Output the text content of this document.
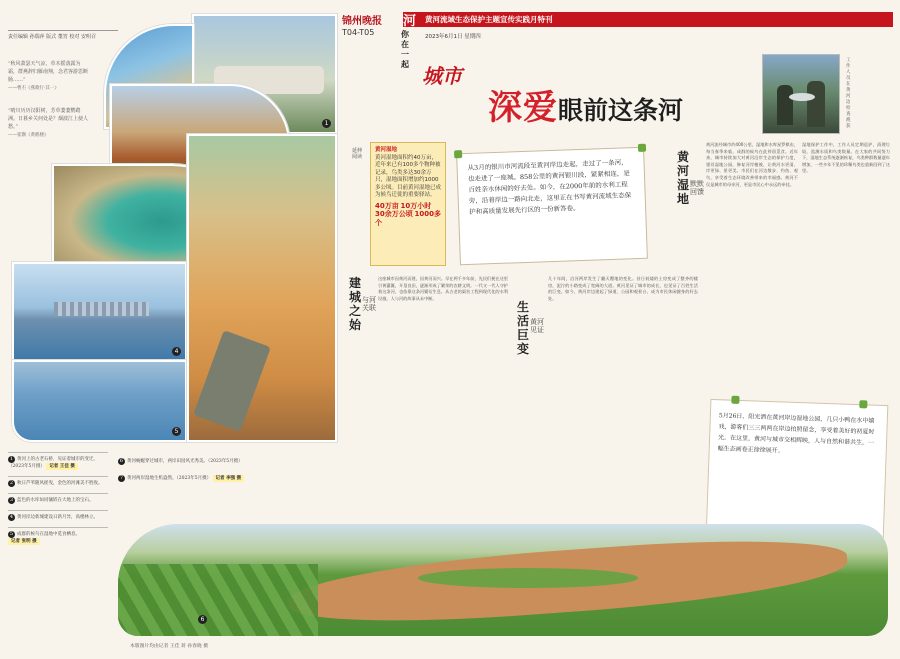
责任编辑 孙瑞萍 版式 董宵 校对 安明召
1
4
5

“秋风萧瑟天气凉，草木摇落露为霜，群燕辞归雁南翔，念君客游思断肠……”
——曹丕《燕歌行·其一》

“晴川历历汉阳树，芳草萋萋鹦鹉洲。日暮乡关何处是？烟波江上使人愁。”
——崔颢《黄鹤楼》

锦州晚报
T04-T05
河 黄河流域生态保护主题宣传实践月特刊
你在一起
2023年6月1日 星期四
城市
深爱眼前这条河
工作人员在黄河边检查渔获
延伸阅读
黄河湿地
黄河湿地面积约40万亩，近年来已有100多个物种被记录，鸟类多达30余万只，湿地面积增加约1000多公顷。目前黄河湿地已成为候鸟迁徙的重要驿站。
40万亩 10万小时 30余万公顷 1000多个
从3月的银川市河流段至黄河岸边走起，走过了一条河，也走进了一座城。858公里的黄河银川段，紧紧相连，是百姓亲水休闲的好去处。如今，在2000年前的水利工程旁，沿着岸边一路向北走，这里正在书写黄河流域生态保护和高质量发展先行区的一份新答卷。
黄河湿地
默默回馈
建城之始
与河关联	生活巨变
黄河见证
黄河流经城市约400公里，湿地和水库星罗棋布，每当春季来临，成群的候鸟在此停留觅食。近年来，城市持续加大对黄河沿岸生态的保护力度，建设湿地公园，修复河岸植被，让黄河水更清、岸更绿、景更美。市民们在河边散步、钓鱼、观鸟，享受着生态环境改善带来的幸福感。黄河不仅是城市的母亲河，更是市民心中永远的牵挂。
湿地保护工作中，工作人员定期巡护，清理垃圾，监测水质和鸟类数量。在大家的共同努力下，湿地生态系统逐渐恢复，鸟类种群数量逐年增加，一些多年不见的珍稀鸟类也重新回到了这里。
这座城市因黄河而建，因黄河而兴。早在两千多年前，先民们便在这里引黄灌溉，开垦良田，逐渐形成了繁荣的农耕文明。一代又一代人守护着这条河，也依靠这条河繁衍生息。从古老的渠首工程到现代化的水利设施，人与河的故事从未中断。
几十年间，沿河两岸发生了翻天覆地的变化。昔日低矮的土房变成了整齐的楼房，泥泞的小路变成了宽阔的大道。黄河见证了城市的成长，也见证了百姓生活的巨变。如今，黄河岸边建起了绿道、公园和观景台，成为市民休闲健身的好去处。
5月26日，阳光洒在黄河岸边湿地公园，几只小鸭在水中嬉戏，游客们三三两两在岸边拍照留念，享受着美好的初夏时光。在这里，黄河与城市交相辉映，人与自然和谐共生，一幅生态画卷正徐徐展开。

1 黄河上的古老石桥，见证着城市的变迁。（2023年5月摄） 记者 王佳 摄

2 秋日芦苇随风摇曳，金色的河滩美不胜收。

3 蓝色的水库如同镶嵌在大地上的宝石。

4 黄河岸边新城建设日新月异，高楼林立。

5 成群的候鸟在湿地中觅食栖息。 记者 张明 摄

6 黄河蜿蜒穿过城市，两岸田园风光秀美。（2023年5月摄）

7 黄河两岸湿地生机盎然。（2023年5月摄） 记者 李强 摄

6
本版图片均由记者 王佳 蒋 孙春晓 摄
